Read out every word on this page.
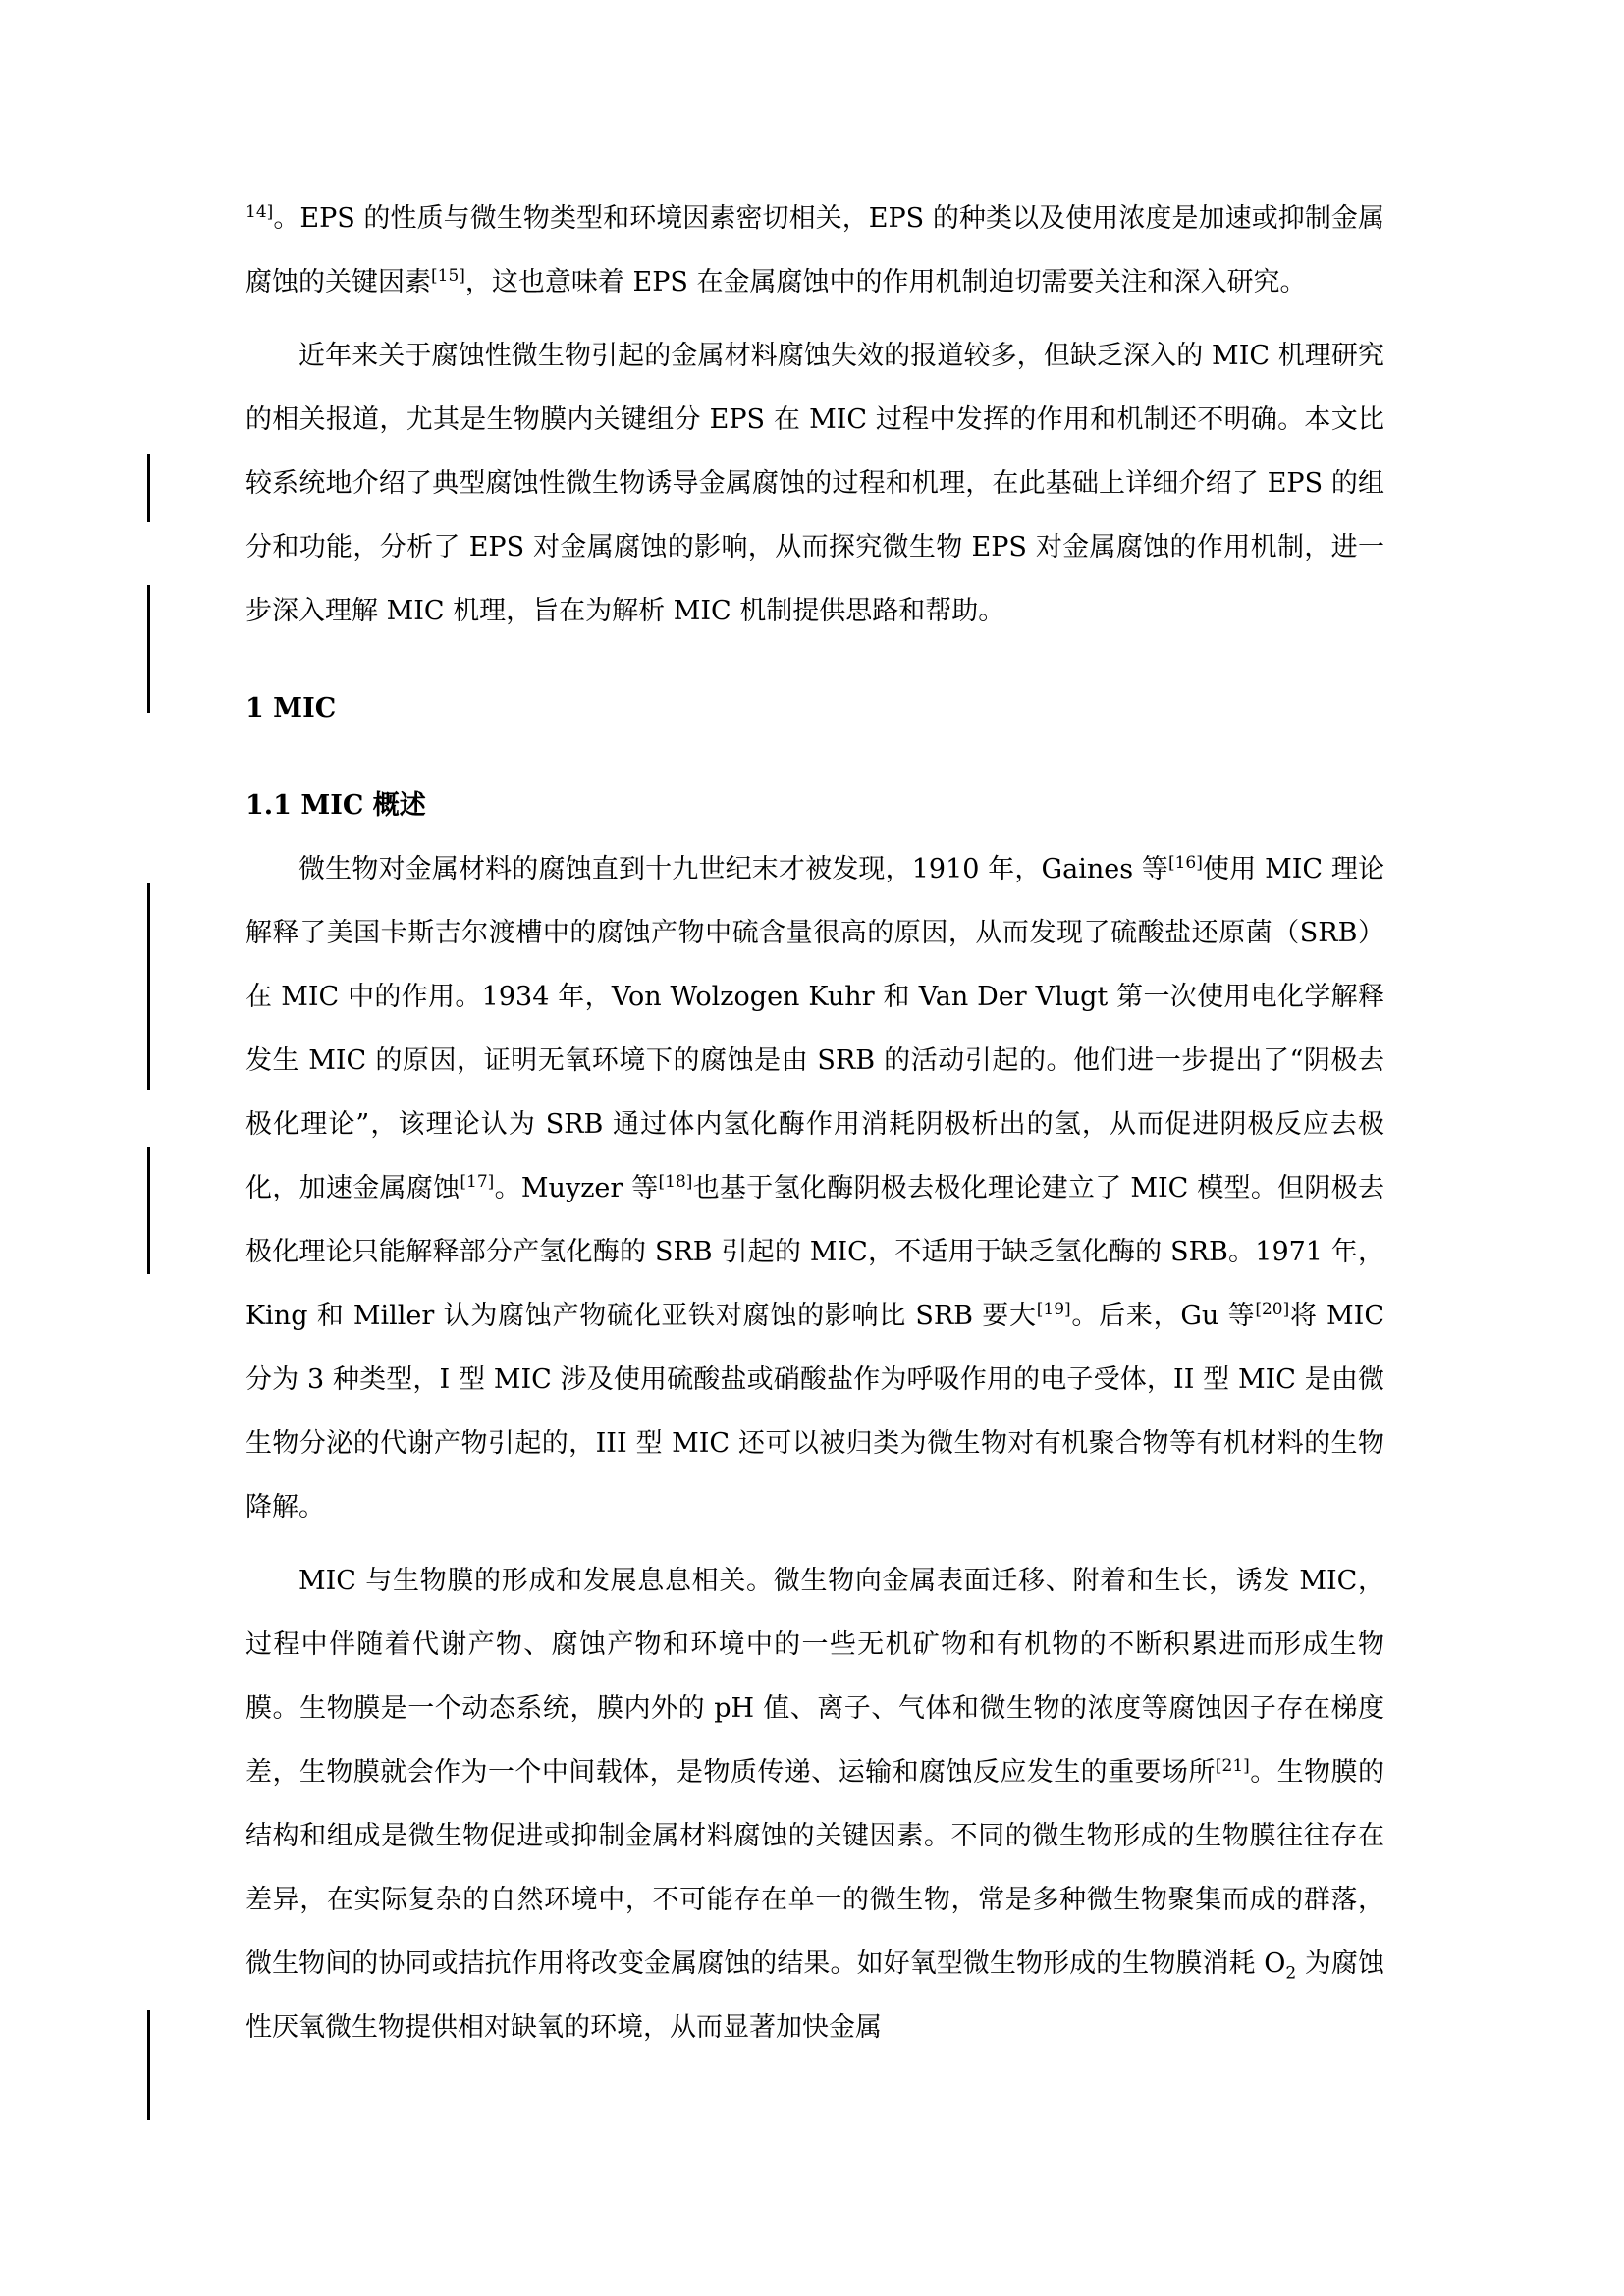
$^{14]}$。EPS 的性质与微生物类型和环境因素密切相关，EPS 的种类以及使用浓度是加速或抑制金属腐蚀的关键因素[15]，这也意味着 EPS 在金属腐蚀中的作用机制迫切需要关注和深入研究。

近年来关于腐蚀性微生物引起的金属材料腐蚀失效的报道较多，但缺乏深入的 MIC 机理研究的相关报道，尤其是生物膜内关键组分 EPS 在 MIC 过程中发挥的作用和机制还不明确。本文比较系统地介绍了典型腐蚀性微生物诱导金属腐蚀的过程和机理，在此基础上详细介绍了 EPS 的组分和功能，分析了 EPS 对金属腐蚀的影响，从而探究微生物 EPS 对金属腐蚀的作用机制，进一步深入理解 MIC 机理，旨在为解析 MIC 机制提供思路和帮助。

1 MIC
1.1 MIC 概述

微生物对金属材料的腐蚀直到十九世纪末才被发现，1910 年，Gaines 等[16]使用 MIC 理论解释了美国卡斯吉尔渡槽中的腐蚀产物中硫含量很高的原因，从而发现了硫酸盐还原菌（SRB）在 MIC 中的作用。1934 年，Von Wolzogen Kuhr 和 Van Der Vlugt 第一次使用电化学解释发生 MIC 的原因，证明无氧环境下的腐蚀是由 SRB 的活动引起的。他们进一步提出了“阴极去极化理论”，该理论认为 SRB 通过体内氢化酶作用消耗阴极析出的氢，从而促进阴极反应去极化，加速金属腐蚀[17]。Muyzer 等[18]也基于氢化酶阴极去极化理论建立了 MIC 模型。但阴极去极化理论只能解释部分产氢化酶的 SRB 引起的 MIC，不适用于缺乏氢化酶的 SRB。1971 年，King 和 Miller 认为腐蚀产物硫化亚铁对腐蚀的影响比 SRB 要大[19]。后来，Gu 等[20]将 MIC 分为 3 种类型，I 型 MIC 涉及使用硫酸盐或硝酸盐作为呼吸作用的电子受体，II 型 MIC 是由微生物分泌的代谢产物引起的，III 型 MIC 还可以被归类为微生物对有机聚合物等有机材料的生物降解。

MIC 与生物膜的形成和发展息息相关。微生物向金属表面迁移、附着和生长，诱发 MIC，过程中伴随着代谢产物、腐蚀产物和环境中的一些无机矿物和有机物的不断积累进而形成生物膜。生物膜是一个动态系统，膜内外的 pH 值、离子、气体和微生物的浓度等腐蚀因子存在梯度差，生物膜就会作为一个中间载体，是物质传递、运输和腐蚀反应发生的重要场所[21]。生物膜的结构和组成是微生物促进或抑制金属材料腐蚀的关键因素。不同的微生物形成的生物膜往往存在差异，在实际复杂的自然环境中，不可能存在单一的微生物，常是多种微生物聚集而成的群落，微生物间的协同或拮抗作用将改变金属腐蚀的结果。如好氧型微生物形成的生物膜消耗 $O_2$ 为腐蚀性厌氧微生物提供相对缺氧的环境，从而显著加快金属
